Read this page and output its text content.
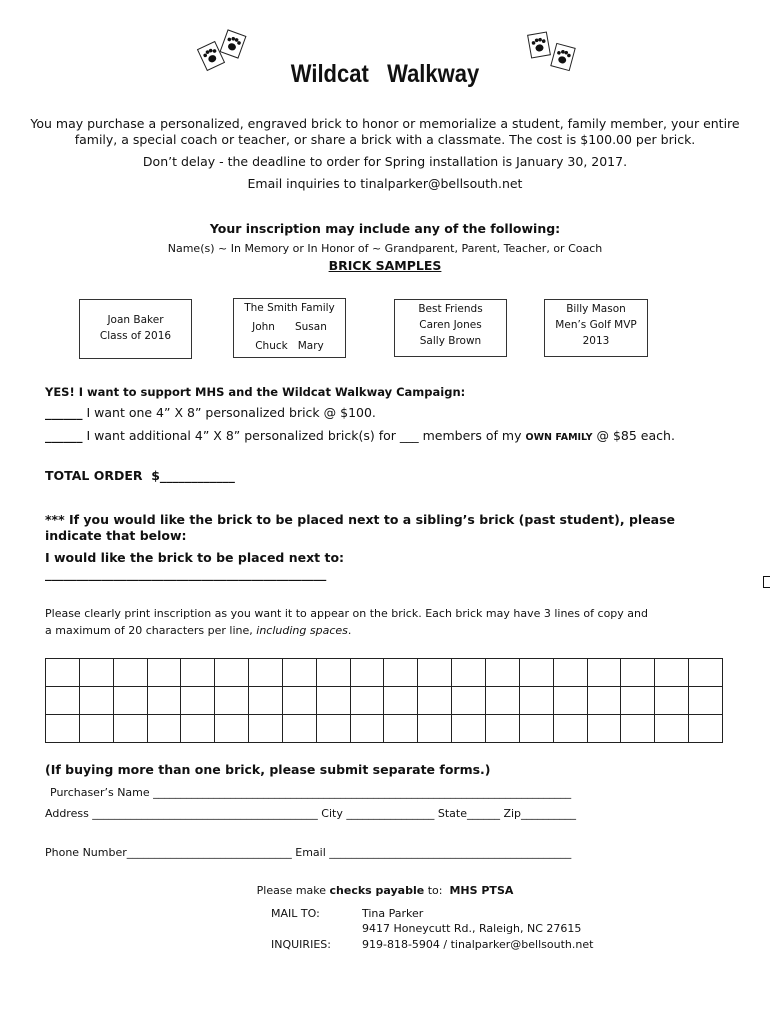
Wildcat   Walkway
You may purchase a personalized, engraved brick to honor or memorialize a student, family member, your entire family, a special coach or teacher, or share a brick with a classmate. The cost is $100.00 per brick.
Don’t delay - the deadline to order for Spring installation is January 30, 2017.
Email inquiries to tinalparker@bellsouth.net
Your inscription may include any of the following:
Name(s) ~ In Memory or In Honor of ~ Grandparent, Parent, Teacher, or Coach
BRICK SAMPLES
Joan Baker
Class of 2016
The Smith Family
John      Susan
Chuck   Mary
Best Friends
Caren Jones
Sally Brown
Billy Mason
Men’s Golf MVP
2013
YES! I want to support MHS and the Wildcat Walkway Campaign:
______ I want one 4” X 8” personalized brick @ $100.
______ I want additional 4” X 8” personalized brick(s) for ___ members of my OWN FAMILY @ $85 each.
TOTAL ORDER  $____________
*** If you would like the brick to be placed next to a sibling’s brick (past student), please indicate that below:
I would like the brick to be placed next to:
_____________________________________________
Please clearly print inscription as you want it to appear on the brick. Each brick may have 3 lines of copy and
a maximum of 20 characters per line, including spaces.
(If buying more than one brick, please submit separate forms.)
Purchaser’s Name ____________________________________________________________________________
Address _________________________________________ City ________________ State______ Zip__________
Phone Number______________________________ Email ____________________________________________
Please make checks payable to: MHS PTSA
MAIL TO:	Tina Parker
9417 Honeycutt Rd., Raleigh, NC 27615
INQUIRIES:	919-818-5904 / tinalparker@bellsouth.net
